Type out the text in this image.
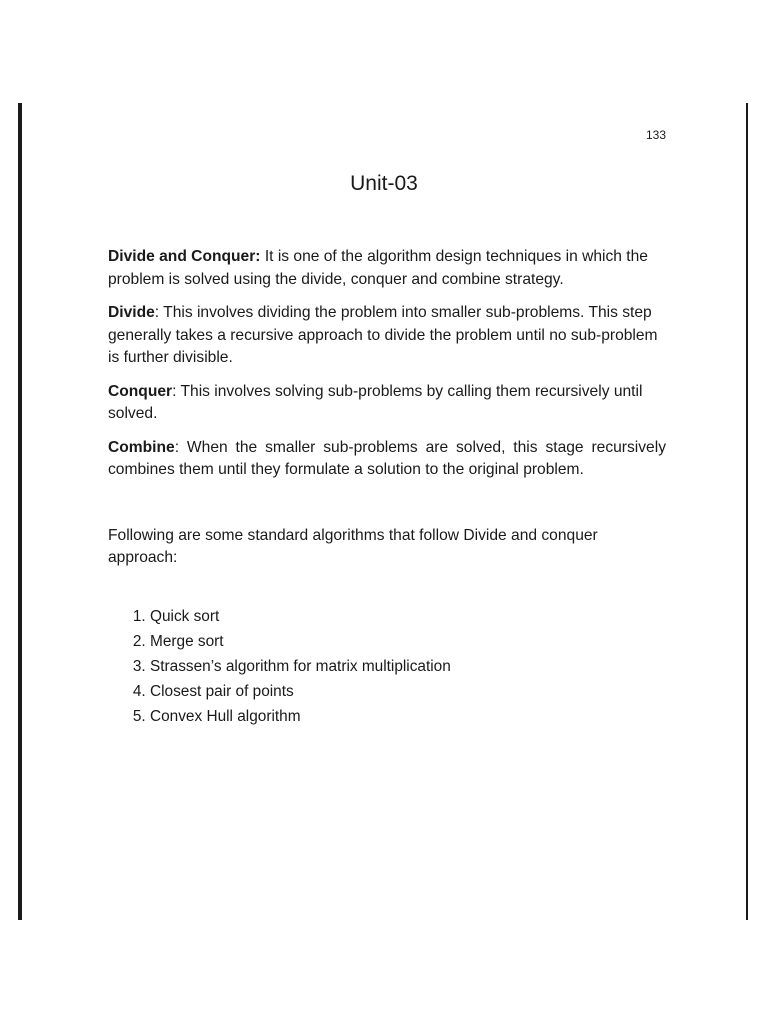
133
Unit-03

Divide and Conquer: It is one of the algorithm design techniques in which the problem is solved using the divide, conquer and combine strategy.

Divide: This involves dividing the problem into smaller sub-problems. This step generally takes a recursive approach to divide the problem until no sub-problem is further divisible.

Conquer: This involves solving sub-problems by calling them recursively until solved.

Combine: When the smaller sub-problems are solved, this stage recursively combines them until they formulate a solution to the original problem.

Following are some standard algorithms that follow Divide and conquer approach:

1. Quick sort
2. Merge sort
3. Strassen’s algorithm for matrix multiplication
4. Closest pair of points
5. Convex Hull algorithm
